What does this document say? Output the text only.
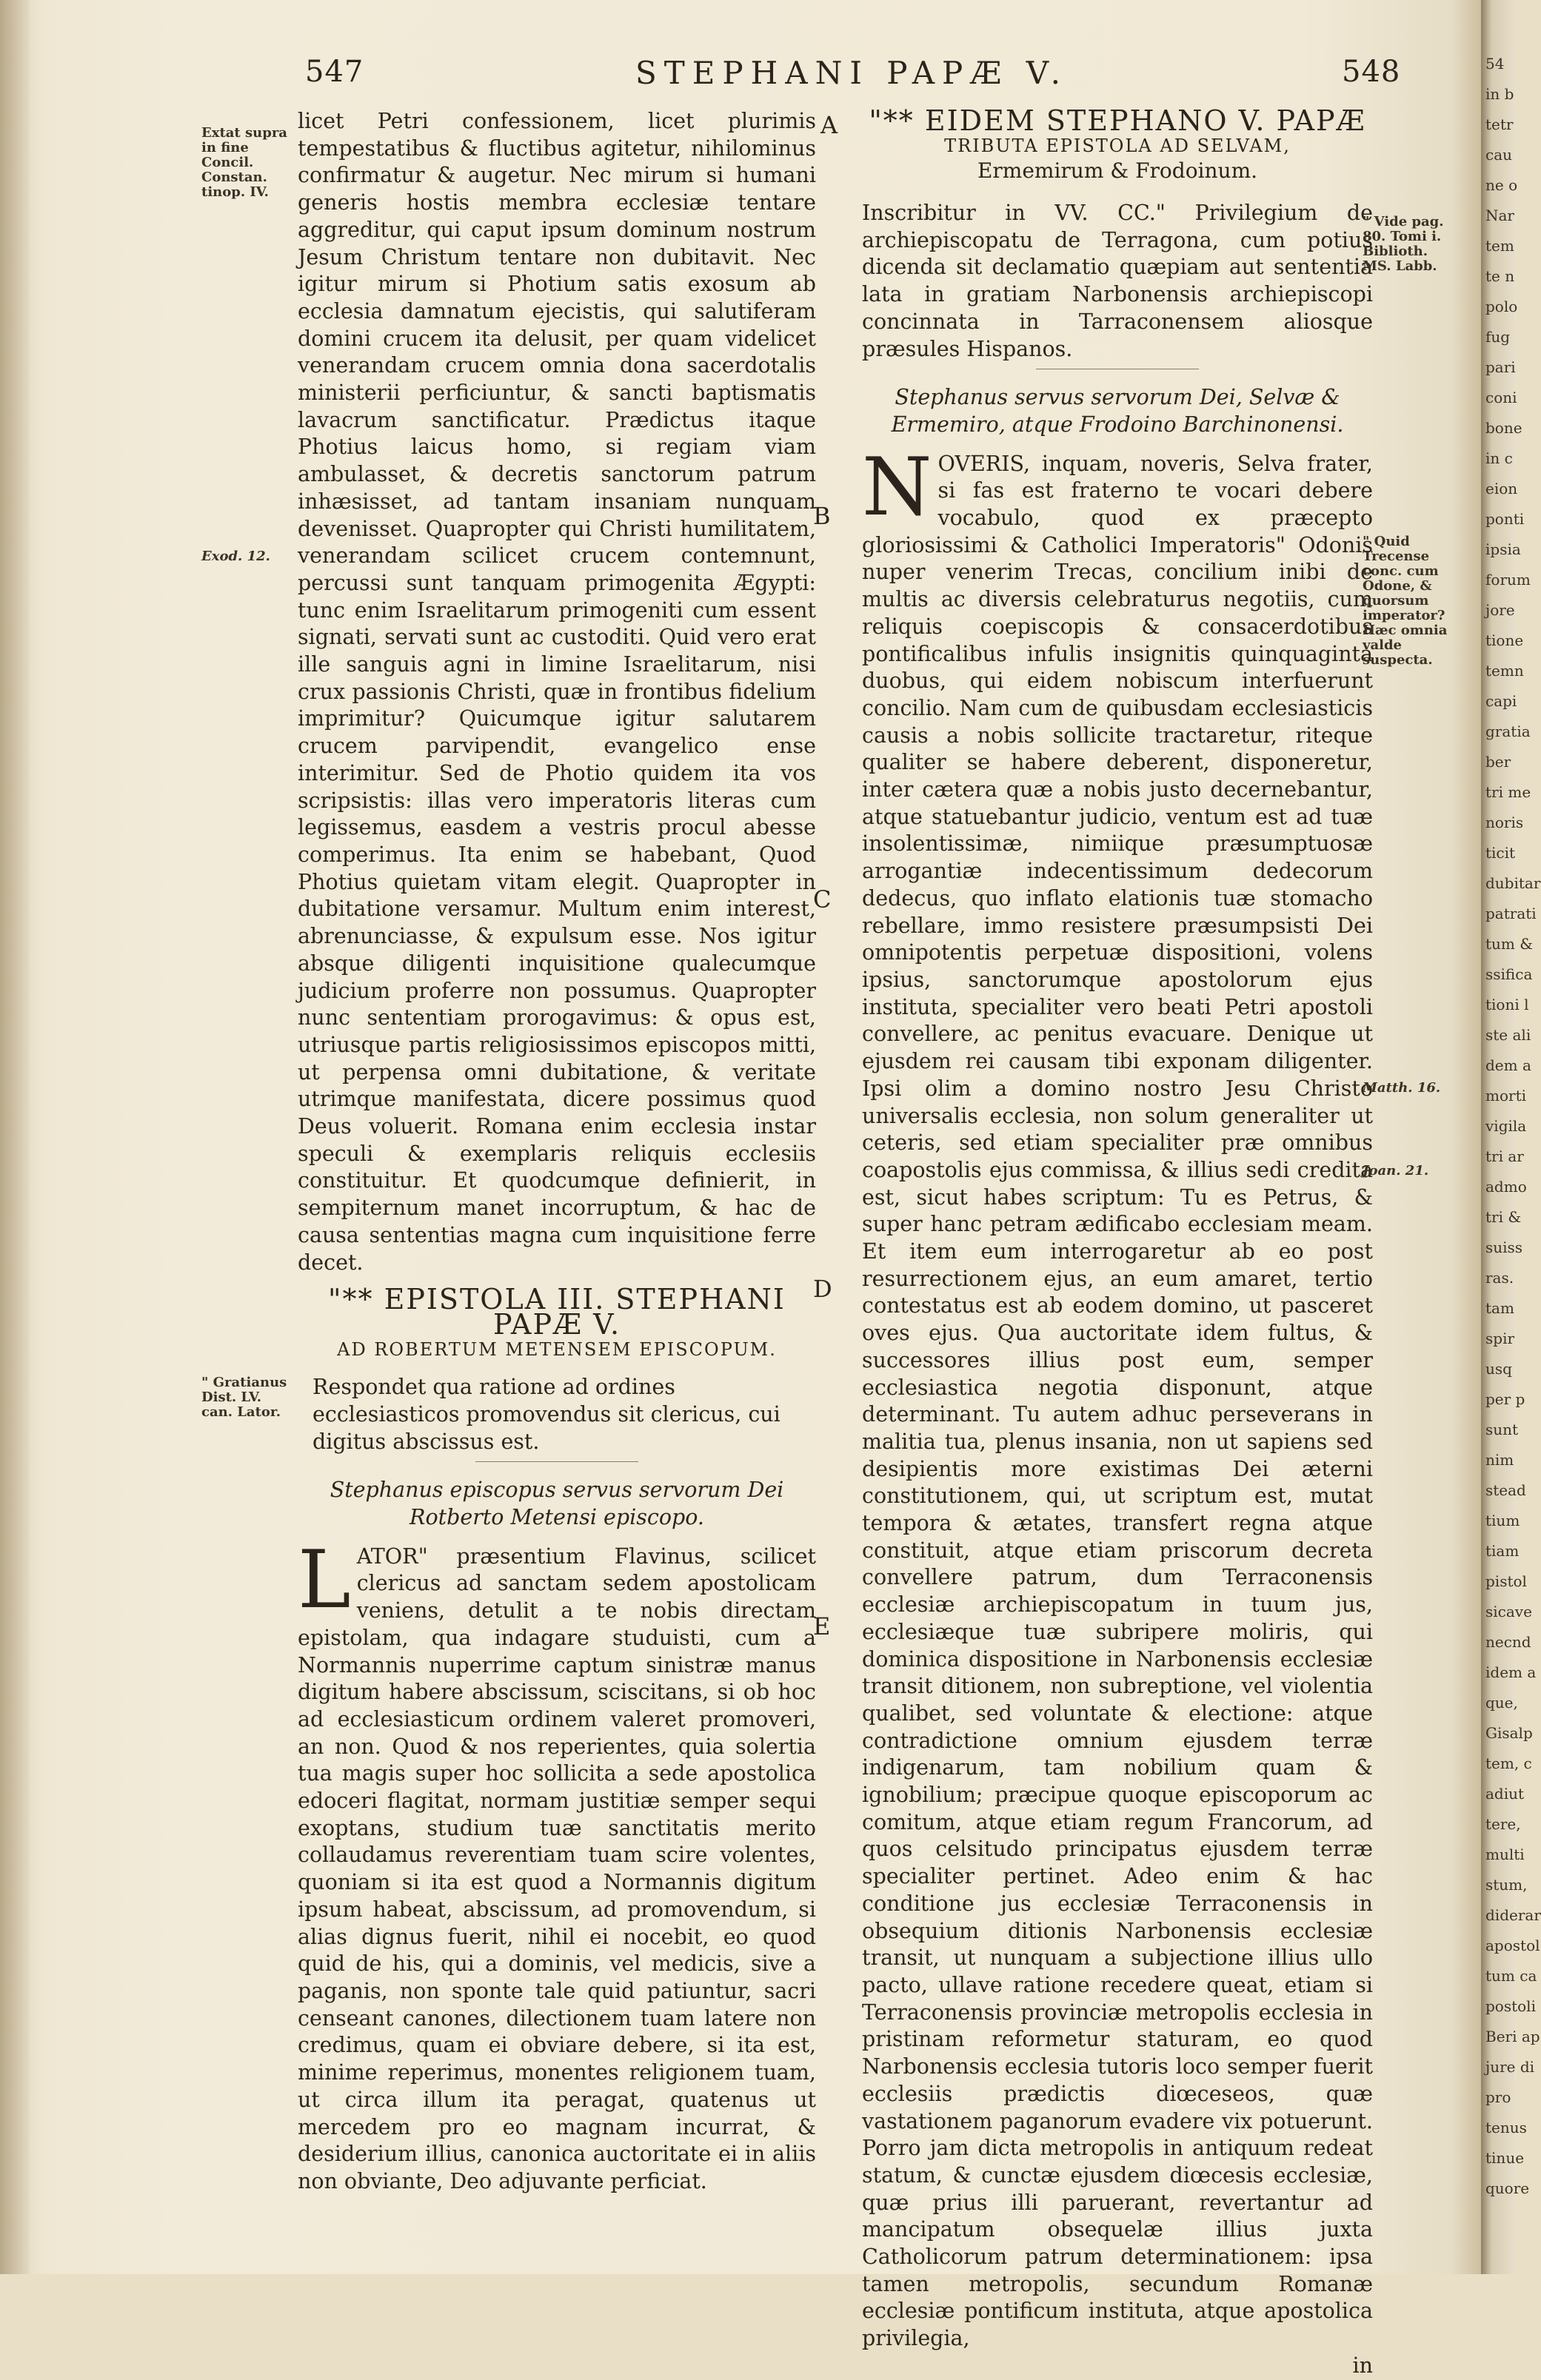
547	STEPHANI PAPÆ V.	548
Extat supra in fine Concil. Constan. tinop. IV.
Exod. 12.
" Gratianus Dist. LV. can. Lator.
A
B
C
D
E

licet Petri confessionem, licet plurimis tempestatibus & fluctibus agitetur, nihilominus confirmatur & augetur. Nec mirum si humani generis hostis membra ecclesiæ tentare aggreditur, qui caput ipsum dominum nostrum Jesum Christum tentare non dubitavit. Nec igitur mirum si Photium satis exosum ab ecclesia damnatum ejecistis, qui salutiferam domini crucem ita delusit, per quam videlicet venerandam crucem omnia dona sacerdotalis ministerii perficiuntur, & sancti baptismatis lavacrum sanctificatur. Prædictus itaque Photius laicus homo, si regiam viam ambulasset, & decretis sanctorum patrum inhæsisset, ad tantam insaniam nunquam devenisset. Quapropter qui Christi humilitatem, venerandam scilicet crucem contemnunt, percussi sunt tanquam primogenita Ægypti: tunc enim Israelitarum primogeniti cum essent signati, servati sunt ac custoditi. Quid vero erat ille sanguis agni in limine Israelitarum, nisi crux passionis Christi, quæ in frontibus fidelium imprimitur? Quicumque igitur salutarem crucem parvipendit, evangelico ense interimitur. Sed de Photio quidem ita vos scripsistis: illas vero imperatoris literas cum legissemus, easdem a vestris procul abesse comperimus. Ita enim se habebant, Quod Photius quietam vitam elegit. Quapropter in dubitatione versamur. Multum enim interest, abrenunciasse, & expulsum esse. Nos igitur absque diligenti inquisitione qualecumque judicium proferre non possumus. Quapropter nunc sententiam prorogavimus: & opus est, utriusque partis religiosissimos episcopos mitti, ut perpensa omni dubitatione, & veritate utrimque manifestata, dicere possimus quod Deus voluerit. Romana enim ecclesia instar speculi & exemplaris reliquis ecclesiis constituitur. Et quodcumque definierit, in sempiternum manet incorruptum, & hac de causa sententias magna cum inquisitione ferre decet.

"** EPISTOLA III. STEPHANI PAPÆ V.
AD ROBERTUM METENSEM EPISCOPUM.

Respondet qua ratione ad ordines ecclesiasticos promovendus sit clericus, cui digitus abscissus est.

Stephanus episcopus servus servorum Dei Rotberto Metensi episcopo.

L ATOR" præsentium Flavinus, scilicet clericus ad sanctam sedem apostolicam veniens, detulit a te nobis directam epistolam, qua indagare studuisti, cum a Normannis nuperrime captum sinistræ manus digitum habere abscissum, sciscitans, si ob hoc ad ecclesiasticum ordinem valeret promoveri, an non. Quod & nos reperientes, quia solertia tua magis super hoc sollicita a sede apostolica edoceri flagitat, normam justitiæ semper sequi exoptans, studium tuæ sanctitatis merito collaudamus reverentiam tuam scire volentes, quoniam si ita est quod a Normannis digitum ipsum habeat, abscissum, ad promovendum, si alias dignus fuerit, nihil ei nocebit, eo quod quid de his, qui a dominis, vel medicis, sive a paganis, non sponte tale quid patiuntur, sacri censeant canones, dilectionem tuam latere non credimus, quam ei obviare debere, si ita est, minime reperimus, monentes religionem tuam, ut circa illum ita peragat, quatenus ut mercedem pro eo magnam incurrat, & desiderium illius, canonica auctoritate ei in aliis non obviante, Deo adjuvante perficiat.

"** EIDEM STEPHANO V. PAPÆ
TRIBUTA EPISTOLA AD SELVAM,
Ermemirum & Frodoinum.

Inscribitur in VV. CC." Privilegium de archiepiscopatu de Terragona, cum potius dicenda sit declamatio quæpiam aut sententia lata in gratiam Narbonensis archiepiscopi concinnata in Tarraconensem aliosque præsules Hispanos.

Stephanus servus servorum Dei, Selvæ & Ermemiro, atque Frodoino Barchinonensi.

N OVERIS, inquam, noveris, Selva frater, si fas est fraterno te vocari debere vocabulo, quod ex præcepto gloriosissimi & Catholici Imperatoris" Odonis nuper venerim Trecas, concilium inibi de multis ac diversis celebraturus negotiis, cum reliquis coepiscopis & consacerdotibus pontificalibus infulis insignitis quinquaginta duobus, qui eidem nobiscum interfuerunt concilio. Nam cum de quibusdam ecclesiasticis causis a nobis sollicite tractaretur, riteque qualiter se habere deberent, disponeretur, inter cætera quæ a nobis justo decernebantur, atque statuebantur judicio, ventum est ad tuæ insolentissimæ, nimiique præsumptuosæ arrogantiæ indecentissimum dedecorum dedecus, quo inflato elationis tuæ stomacho rebellare, immo resistere præsumpsisti Dei omnipotentis perpetuæ dispositioni, volens ipsius, sanctorumque apostolorum ejus instituta, specialiter vero beati Petri apostoli convellere, ac penitus evacuare. Denique ut ejusdem rei causam tibi exponam diligenter. Ipsi olim a domino nostro Jesu Christo universalis ecclesia, non solum generaliter ut ceteris, sed etiam specialiter præ omnibus coapostolis ejus commissa, & illius sedi credita est, sicut habes scriptum: Tu es Petrus, & super hanc petram ædificabo ecclesiam meam. Et item eum interrogaretur ab eo post resurrectionem ejus, an eum amaret, tertio contestatus est ab eodem domino, ut pasceret oves ejus. Qua auctoritate idem fultus, & successores illius post eum, semper ecclesiastica negotia disponunt, atque determinant. Tu autem adhuc perseverans in malitia tua, plenus insania, non ut sapiens sed desipientis more existimas Dei æterni constitutionem, qui, ut scriptum est, mutat tempora & ætates, transfert regna atque constituit, atque etiam priscorum decreta convellere patrum, dum Terraconensis ecclesiæ archiepiscopatum in tuum jus, ecclesiæque tuæ subripere moliris, qui dominica dispositione in Narbonensis ecclesiæ transit ditionem, non subreptione, vel violentia qualibet, sed voluntate & electione: atque contradictione omnium ejusdem terræ indigenarum, tam nobilium quam & ignobilium; præcipue quoque episcoporum ac comitum, atque etiam regum Francorum, ad quos celsitudo principatus ejusdem terræ specialiter pertinet. Adeo enim & hac conditione jus ecclesiæ Terraconensis in obsequium ditionis Narbonensis ecclesiæ transit, ut nunquam a subjectione illius ullo pacto, ullave ratione recedere queat, etiam si Terraconensis provinciæ metropolis ecclesia in pristinam reformetur staturam, eo quod Narbonensis ecclesia tutoris loco semper fuerit ecclesiis prædictis diœceseos, quæ vastationem paganorum evadere vix potuerunt. Porro jam dicta metropolis in antiquum redeat statum, & cunctæ ejusdem diœcesis ecclesiæ, quæ prius illi paruerant, revertantur ad mancipatum obsequelæ illius juxta Catholicorum patrum determinationem: ipsa tamen metropolis, secundum Romanæ ecclesiæ pontificum instituta, atque apostolica privilegia,

in
" Vide pag. 80. Tomi i. Biblioth. MS. Labb.
" Quid Trecense conc. cum Odone, & quorsum imperator? Hæc omnia valde suspecta.
Matth. 16.
Joan. 21.
54
in b
tetr
cau
ne o
Nar
tem
te n
polo
fug
pari
coni
bone
in c
eion
ponti
ipsia
forum
jore
tione
temn
capi
gratia
ber
tri me
noris
ticit
dubitar
patrati
tum &
ssifica
tioni l
ste ali
dem a
morti
vigila
tri ar
admo
tri &
suiss
ras.
tam
spir
usq
per p
sunt
nim
stead
tium
tiam
pistol
sicave
necnd
idem a
que,
Gisalp
tem, c
adiut
tere,
multi
stum,
diderar
apostol
tum ca
postoli
Beri ap
jure di
pro
tenus
tinue
quore
